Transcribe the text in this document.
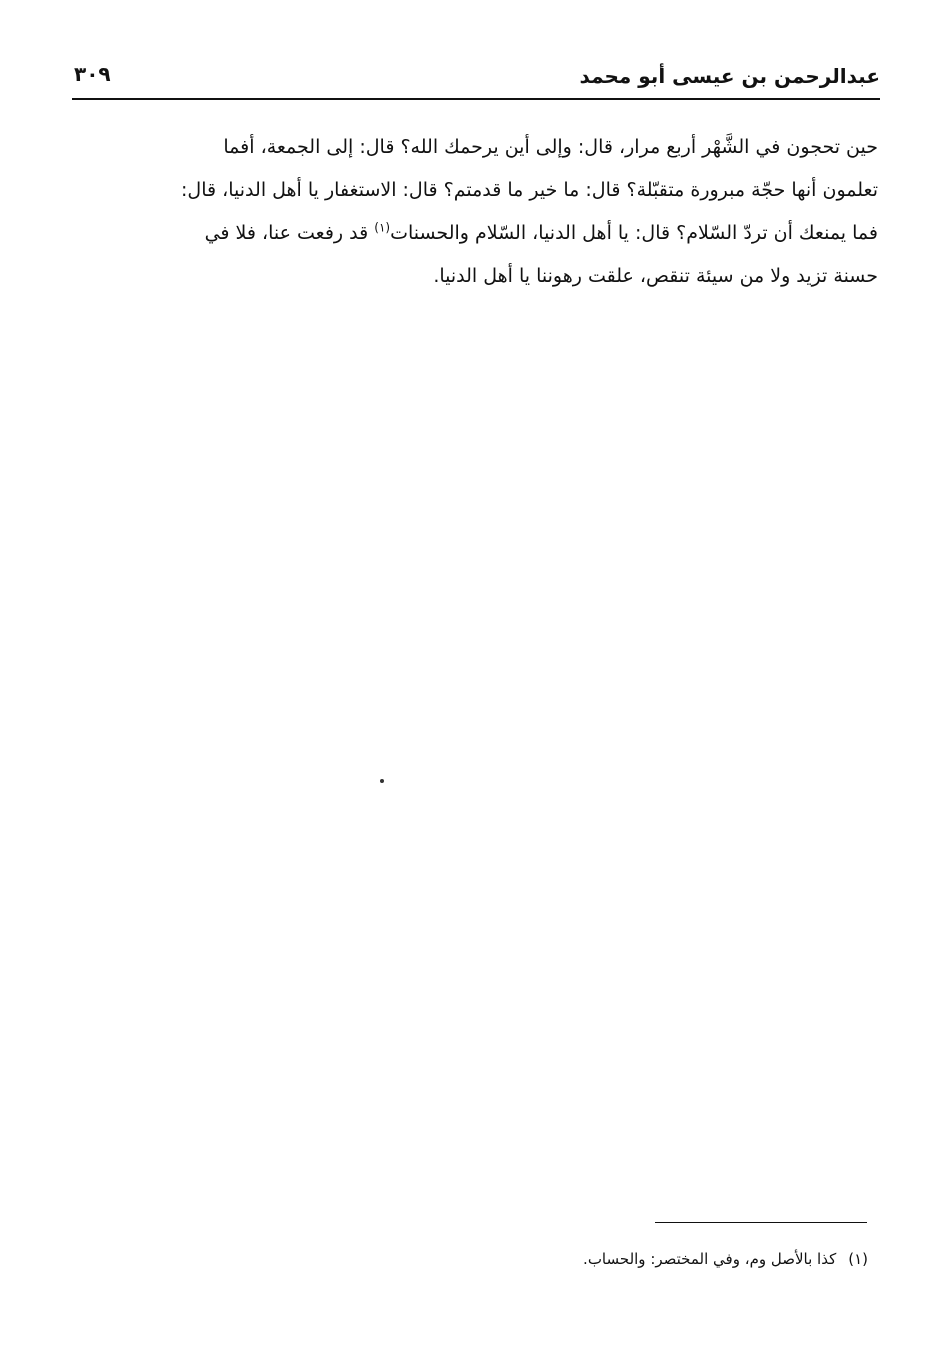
عبدالرحمن بن عيسى أبو محمد
٣٠٩
حين تحجون في الشَّهْر أربع مرار، قال: وإلى أين يرحمك الله؟ قال: إلى الجمعة، أفما
تعلمون أنها حجّة مبرورة متقبّلة؟ قال: ما خير ما قدمتم؟ قال: الاستغفار يا أهل الدنيا، قال:
فما يمنعك أن تردّ السّلام؟ قال: يا أهل الدنيا، السّلام والحسنات$^{(١)}$ قد رفعت عنا، فلا في
حسنة تزيد ولا من سيئة تنقص، علقت رهوننا يا أهل الدنيا.
(١)كذا بالأصل وم، وفي المختصر: والحساب.
